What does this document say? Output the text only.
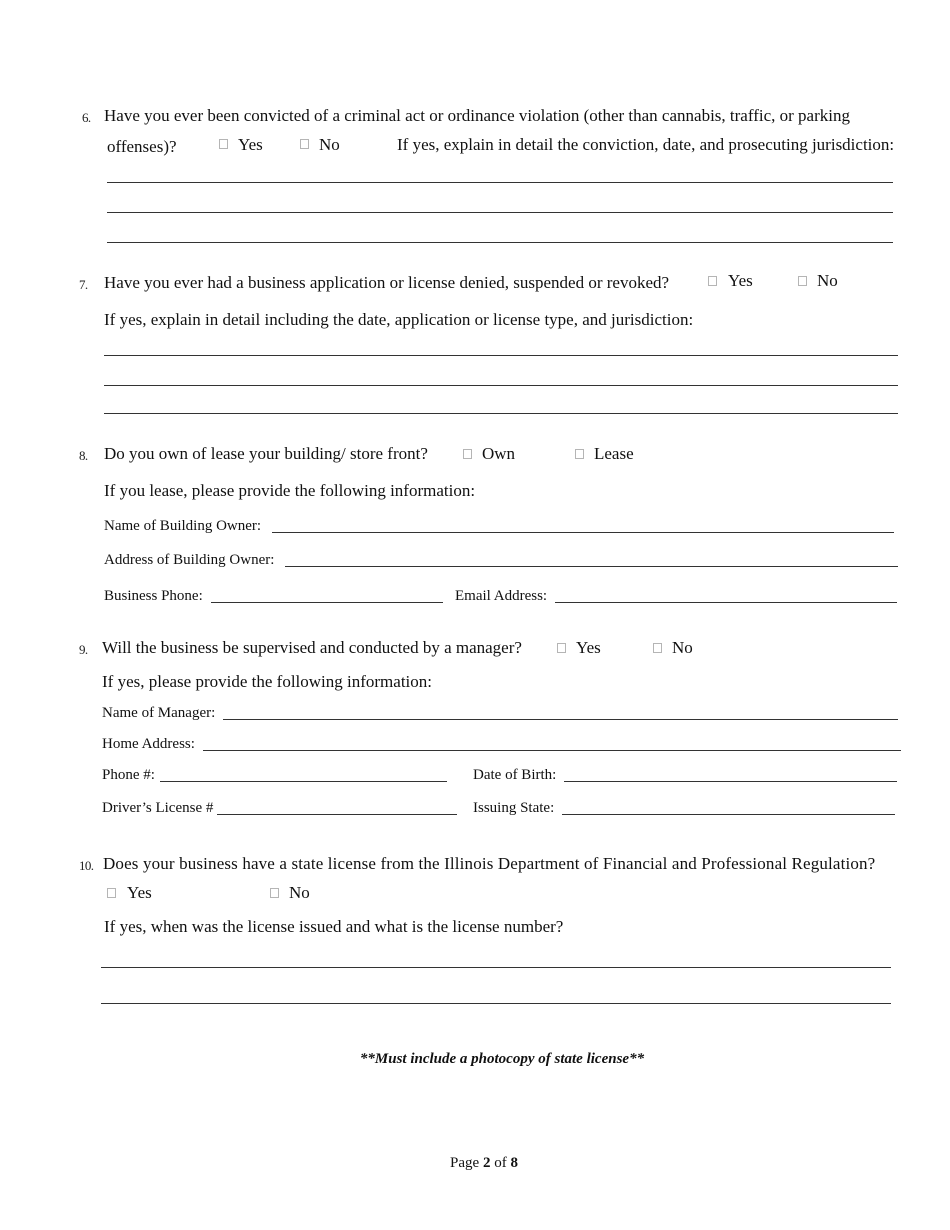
6. Have you ever been convicted of a criminal act or ordinance violation (other than cannabis, traffic, or parking
offenses)?	Yes	No	If yes, explain in detail the conviction, date, and prosecuting jurisdiction:
7. Have you ever had a business application or license denied, suspended or revoked?	Yes	No
If yes, explain in detail including the date, application or license type, and jurisdiction:
8. Do you own of lease your building/ store front?	Own	Lease
If you lease, please provide the following information:
Name of Building Owner:
Address of Building Owner:
Business Phone:	Email Address:
9. Will the business be supervised and conducted by a manager?	Yes	No
If yes, please provide the following information:
Name of Manager:
Home Address:
Phone #:	Date of Birth:
Driver’s License #	Issuing State:
10. Does your business have a state license from the Illinois Department of Financial and Professional Regulation?
Yes	No
If yes, when was the license issued and what is the license number?
**Must include a photocopy of state license**
Page 2 of 8
